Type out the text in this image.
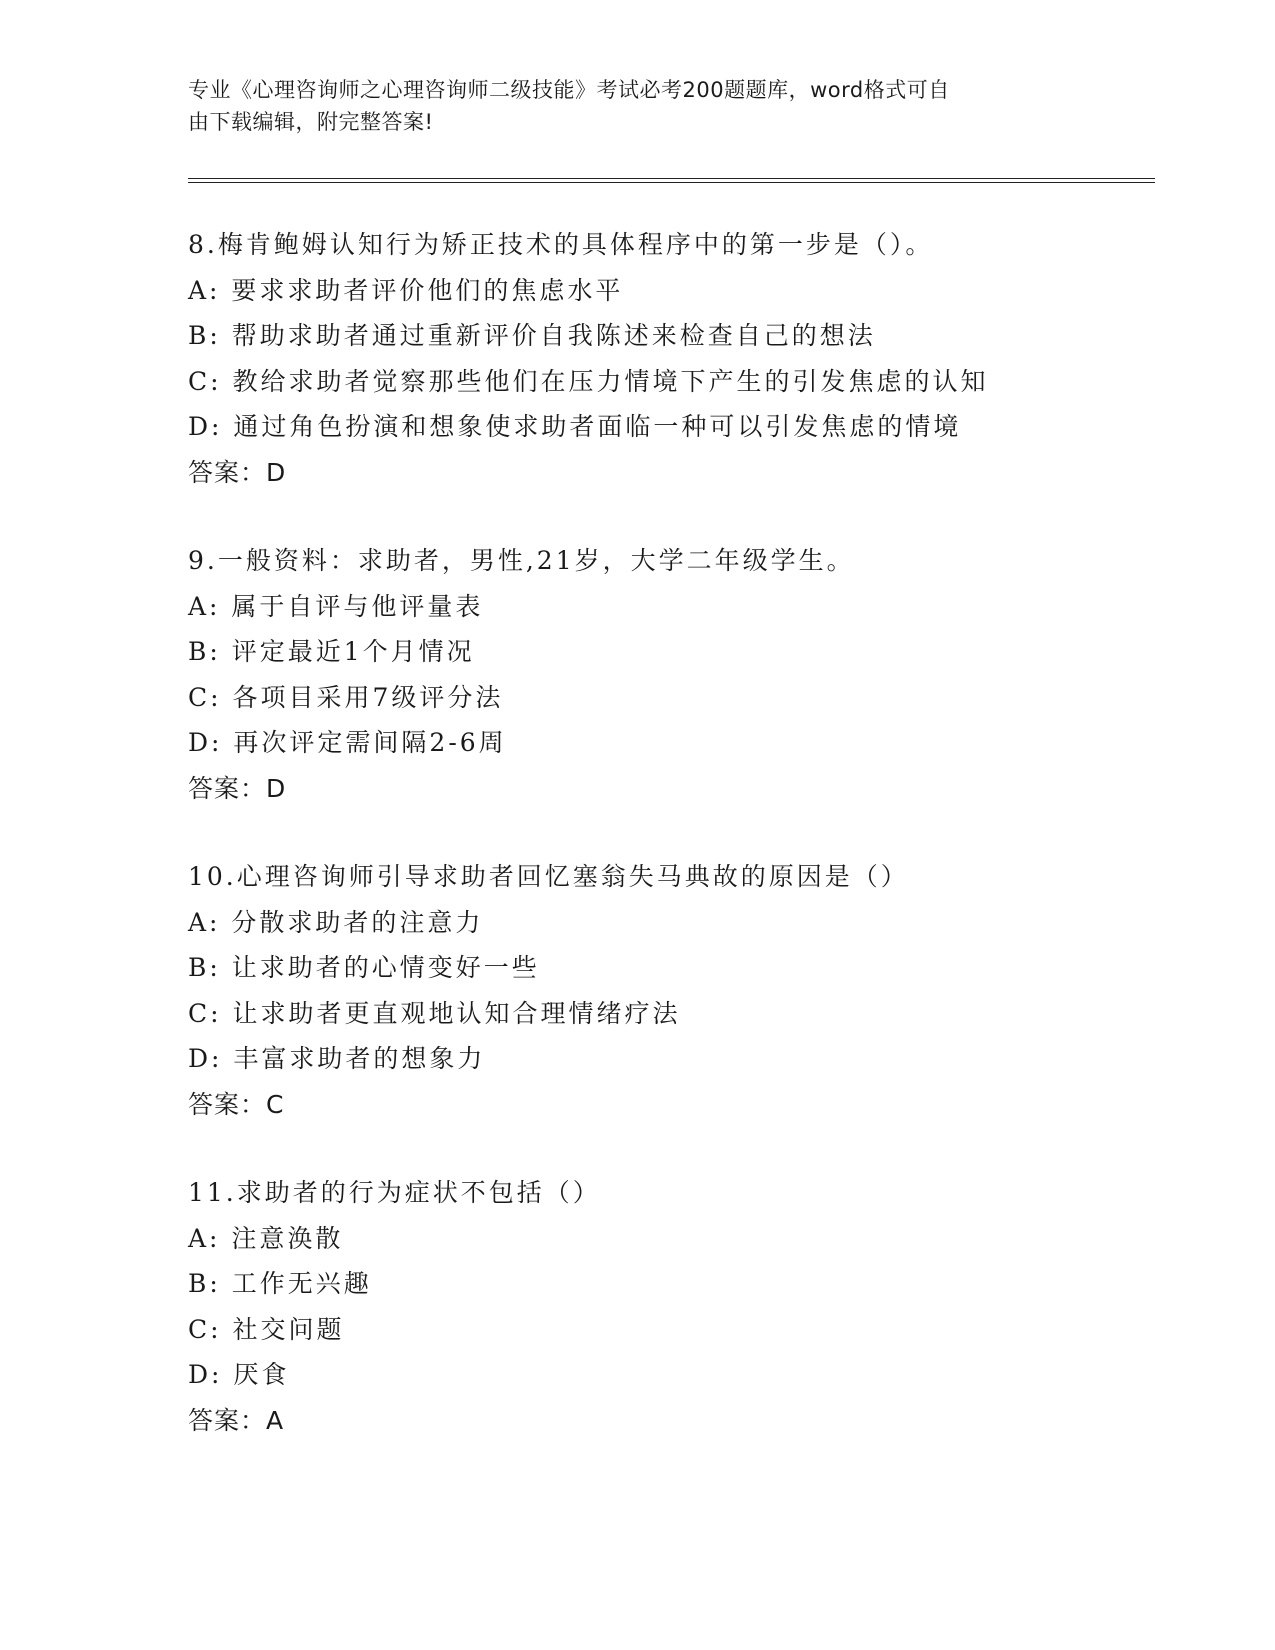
专业《心理咨询师之心理咨询师二级技能》考试必考200题题库，word格式可自
由下载编辑，附完整答案!
8.梅肯鲍姆认知行为矫正技术的具体程序中的第一步是（）。
A: 要求求助者评价他们的焦虑水平
B: 帮助求助者通过重新评价自我陈述来检查自己的想法
C: 教给求助者觉察那些他们在压力情境下产生的引发焦虑的认知
D: 通过角色扮演和想象使求助者面临一种可以引发焦虑的情境
答案：D
9.一般资料：求助者，男性,21岁，大学二年级学生。
A: 属于自评与他评量表
B: 评定最近1个月情况
C: 各项目采用7级评分法
D: 再次评定需间隔2-6周
答案：D
10.心理咨询师引导求助者回忆塞翁失马典故的原因是（）
A: 分散求助者的注意力
B: 让求助者的心情变好一些
C: 让求助者更直观地认知合理情绪疗法
D: 丰富求助者的想象力
答案：C
11.求助者的行为症状不包括（）
A: 注意涣散
B: 工作无兴趣
C: 社交问题
D: 厌食
答案：A
